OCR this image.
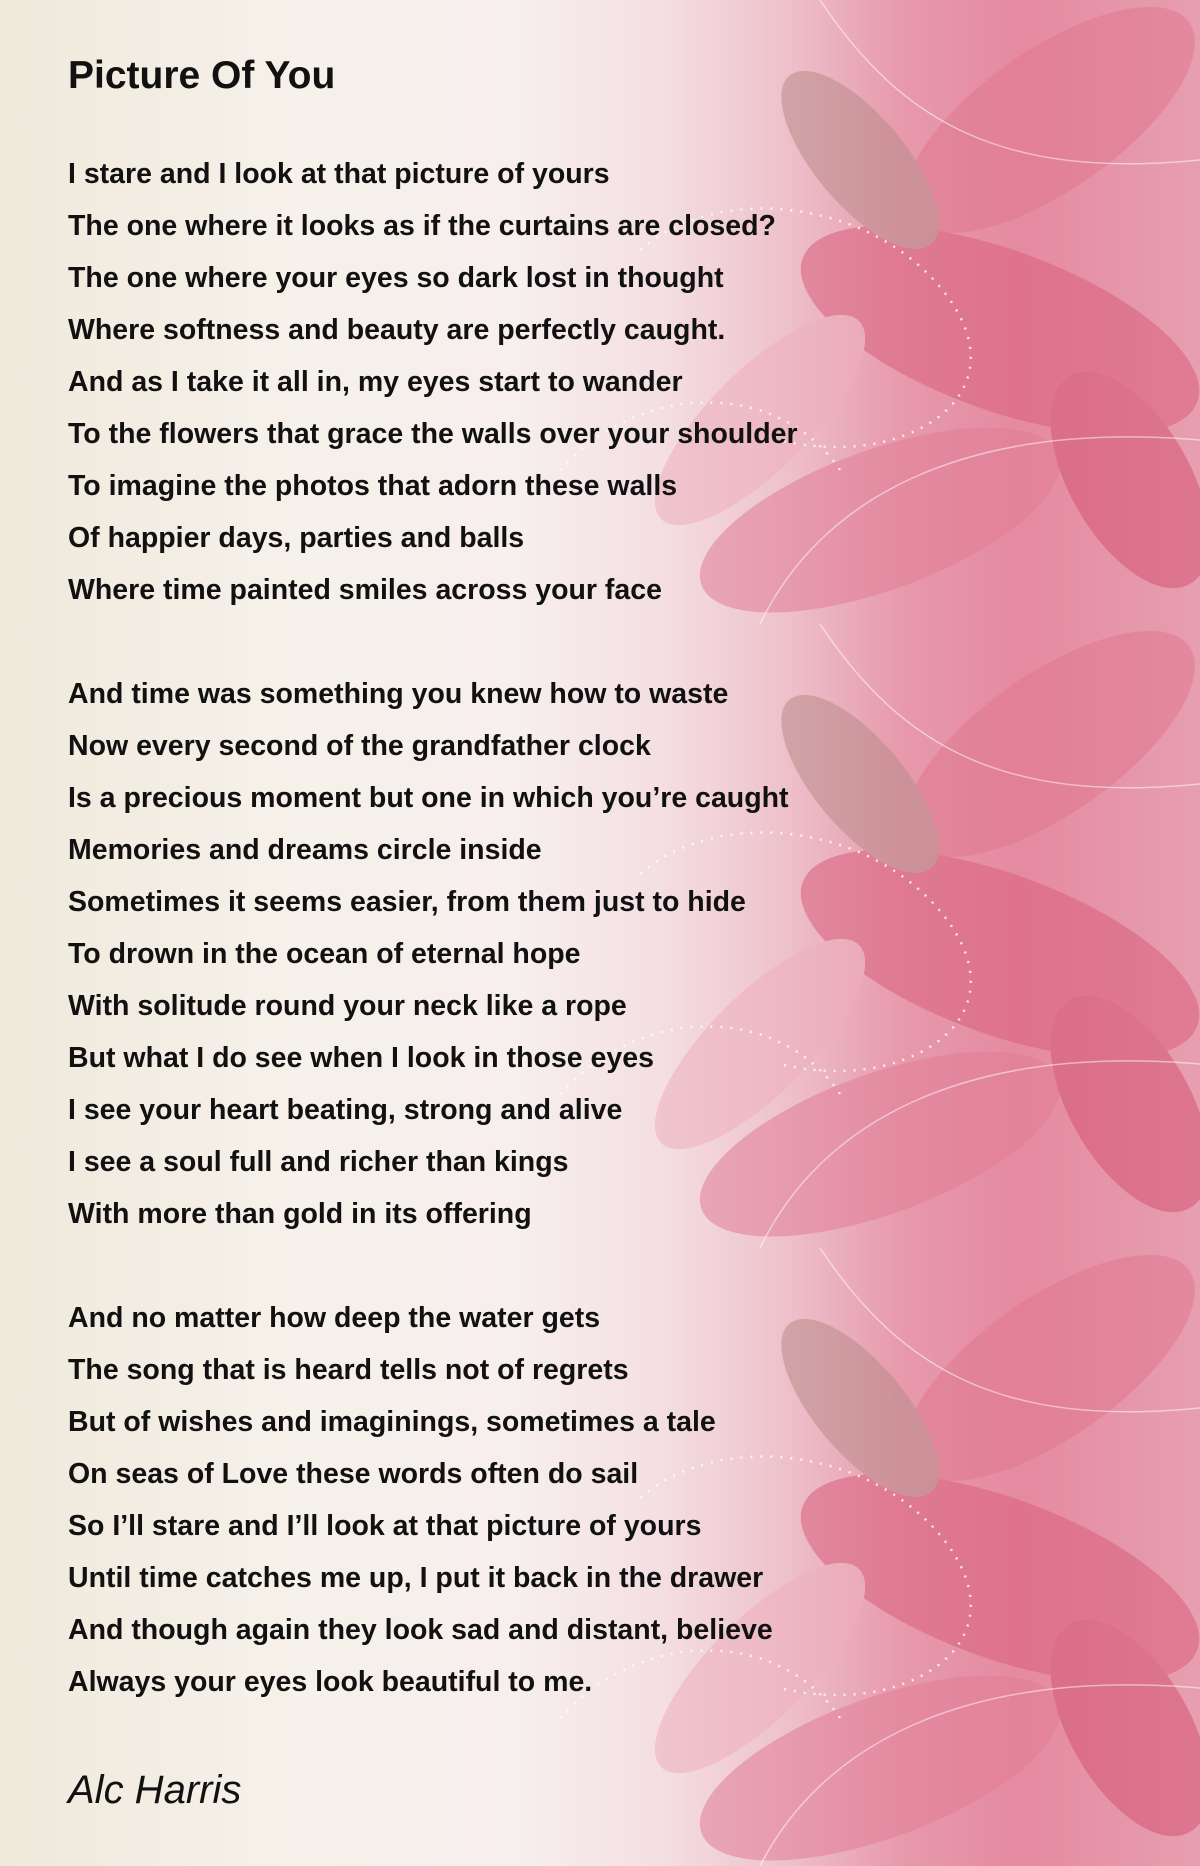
Picture Of You
I stare and I look at that picture of yours
The one where it looks as if the curtains are closed?
The one where your eyes so dark lost in thought
Where softness and beauty are perfectly caught.
And as I take it all in, my eyes start to wander
To the flowers that grace the walls over your shoulder
To imagine the photos that adorn these walls
Of happier days, parties and balls
Where time painted smiles across your face
And time was something you knew how to waste
Now every second of the grandfather clock
Is a precious moment but one in which you’re caught
Memories and dreams circle inside
Sometimes it seems easier, from them just to hide
To drown in the ocean of eternal hope
With solitude round your neck like a rope
But what I do see when I look in those eyes
I see your heart beating, strong and alive
I see a soul full and richer than kings
With more than gold in its offering
And no matter how deep the water gets
The song that is heard tells not of regrets
But of wishes and imaginings, sometimes a tale
On seas of Love these words often do sail
So I’ll stare and I’ll look at that picture of yours
Until time catches me up, I put it back in the drawer
And though again they look sad and distant, believe
Always your eyes look beautiful to me.
Alc Harris
